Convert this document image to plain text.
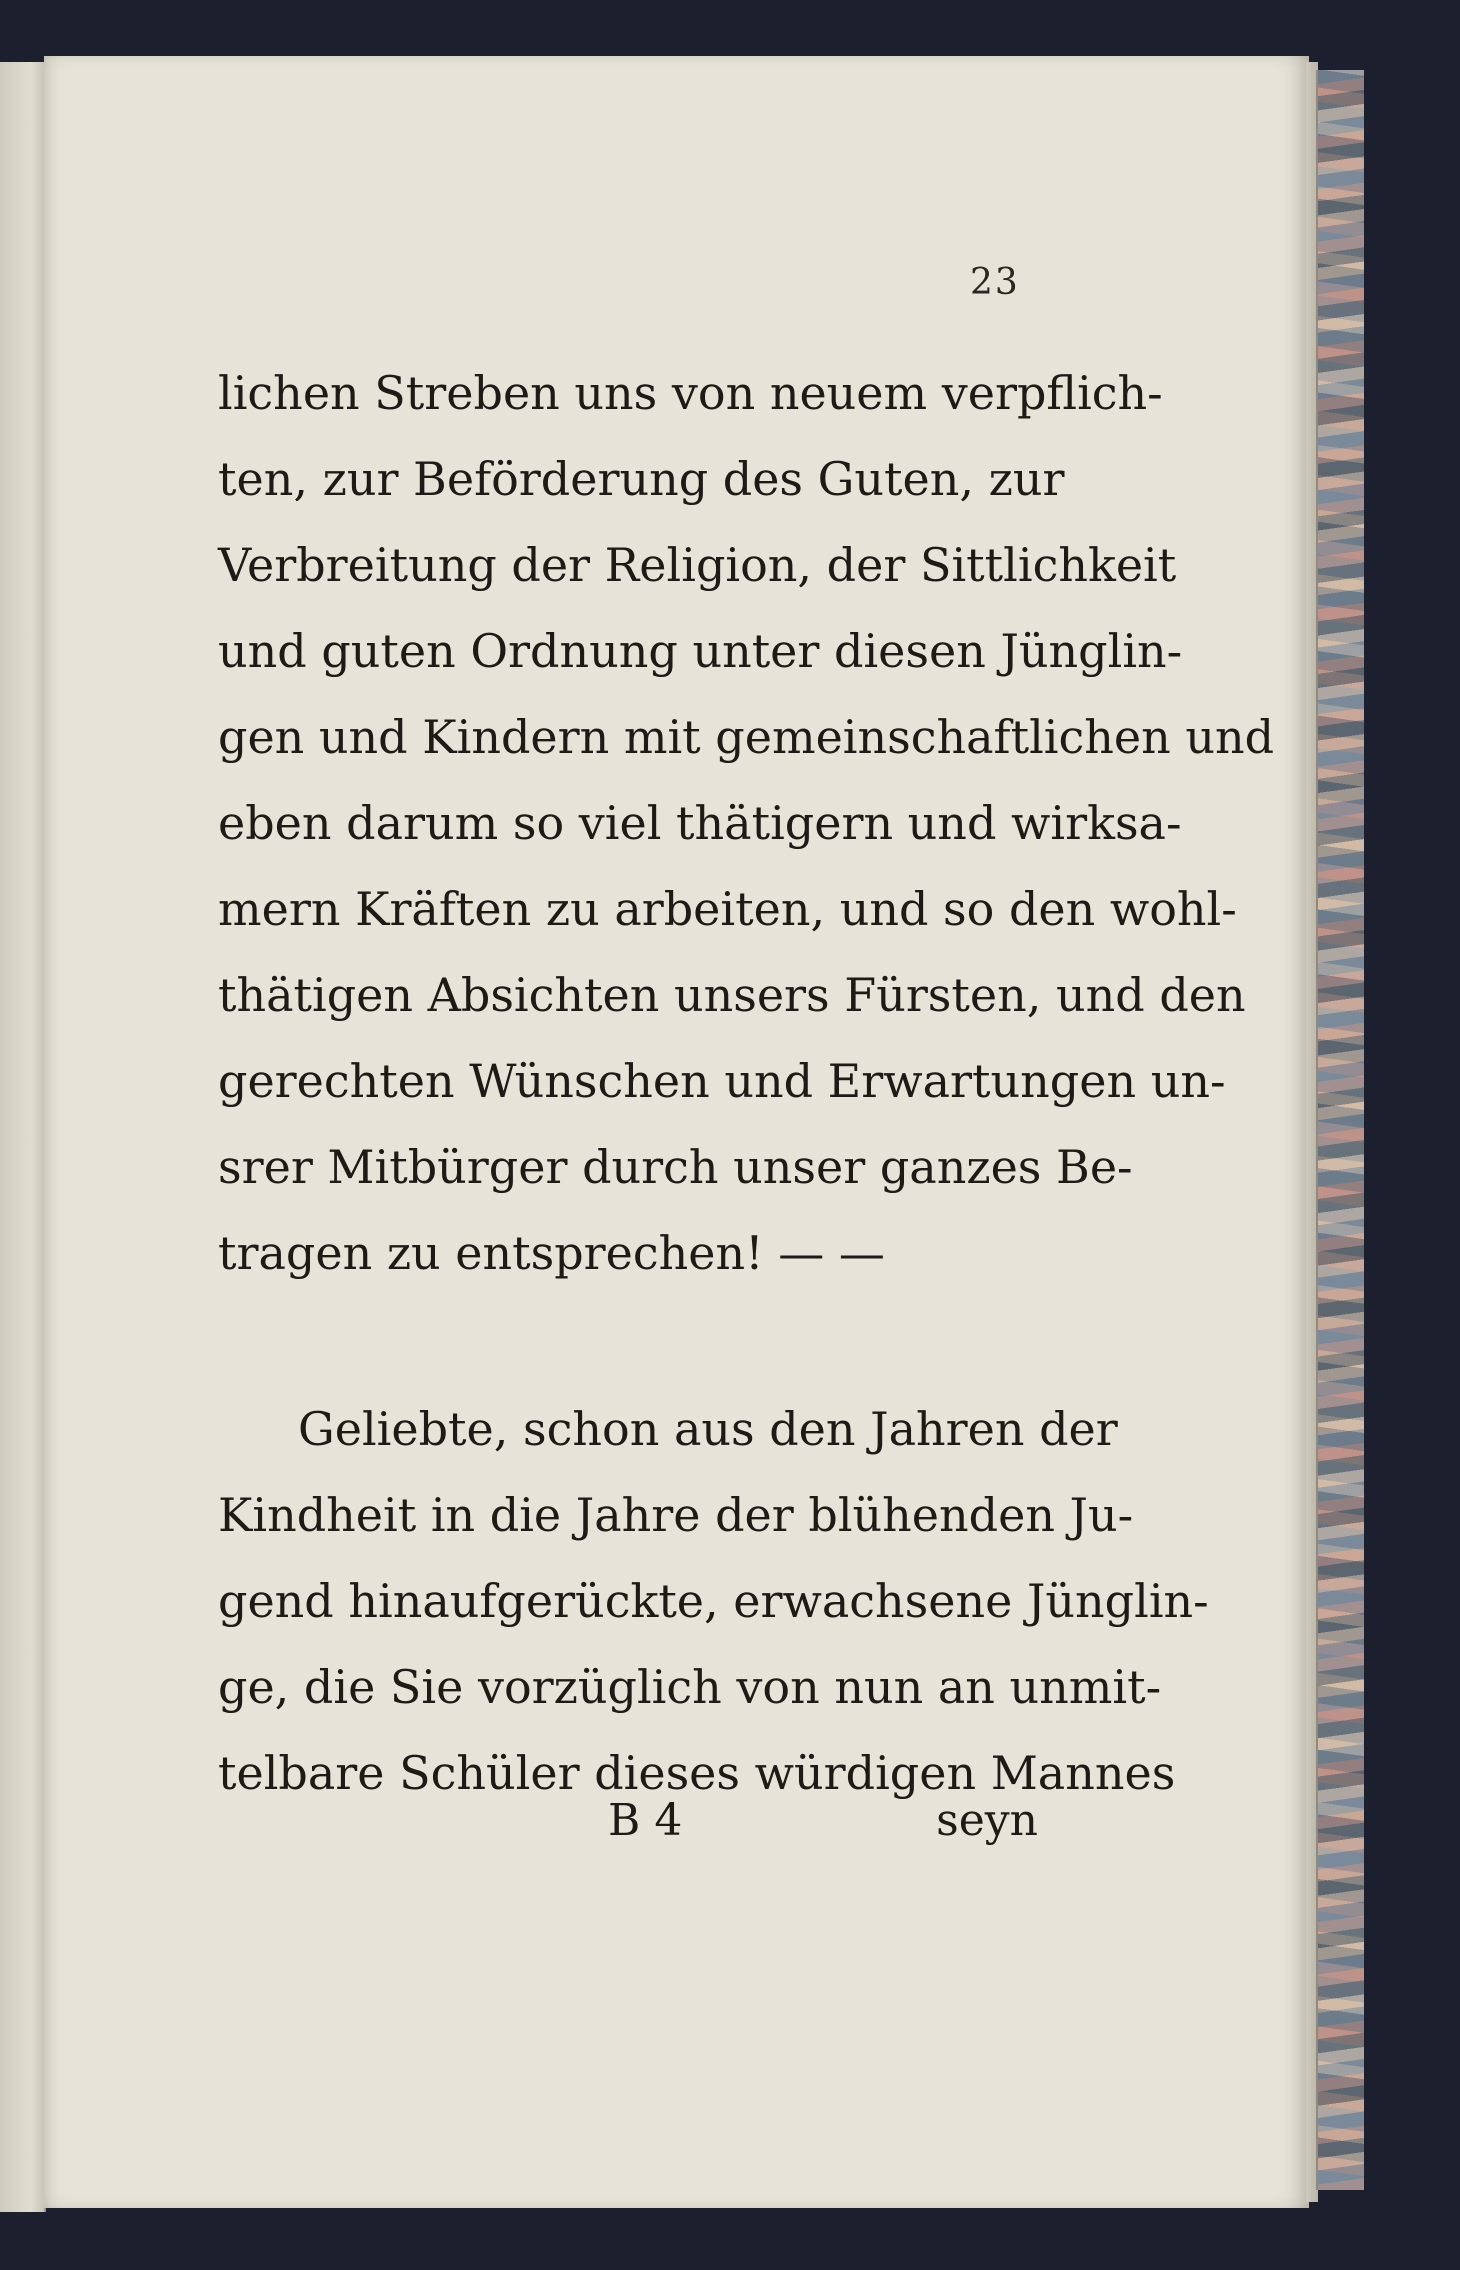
23
lichen Streben uns von neuem verpflich-
ten, zur Beförderung des Guten, zur
Verbreitung der Religion, der Sittlichkeit
und guten Ordnung unter diesen Jünglin-
gen und Kindern mit gemeinschaftlichen und
eben darum so viel thätigern und wirksa-
mern Kräften zu arbeiten, und so den wohl-
thätigen Absichten unsers Fürsten, und den
gerechten Wünschen und Erwartungen un-
srer Mitbürger durch unser ganzes Be-
tragen zu entsprechen! — —
Geliebte, schon aus den Jahren der
Kindheit in die Jahre der blühenden Ju-
gend hinaufgerückte, erwachsene Jünglin-
ge, die Sie vorzüglich von nun an unmit-
telbare Schüler dieses würdigen Mannes
B 4	seyn
